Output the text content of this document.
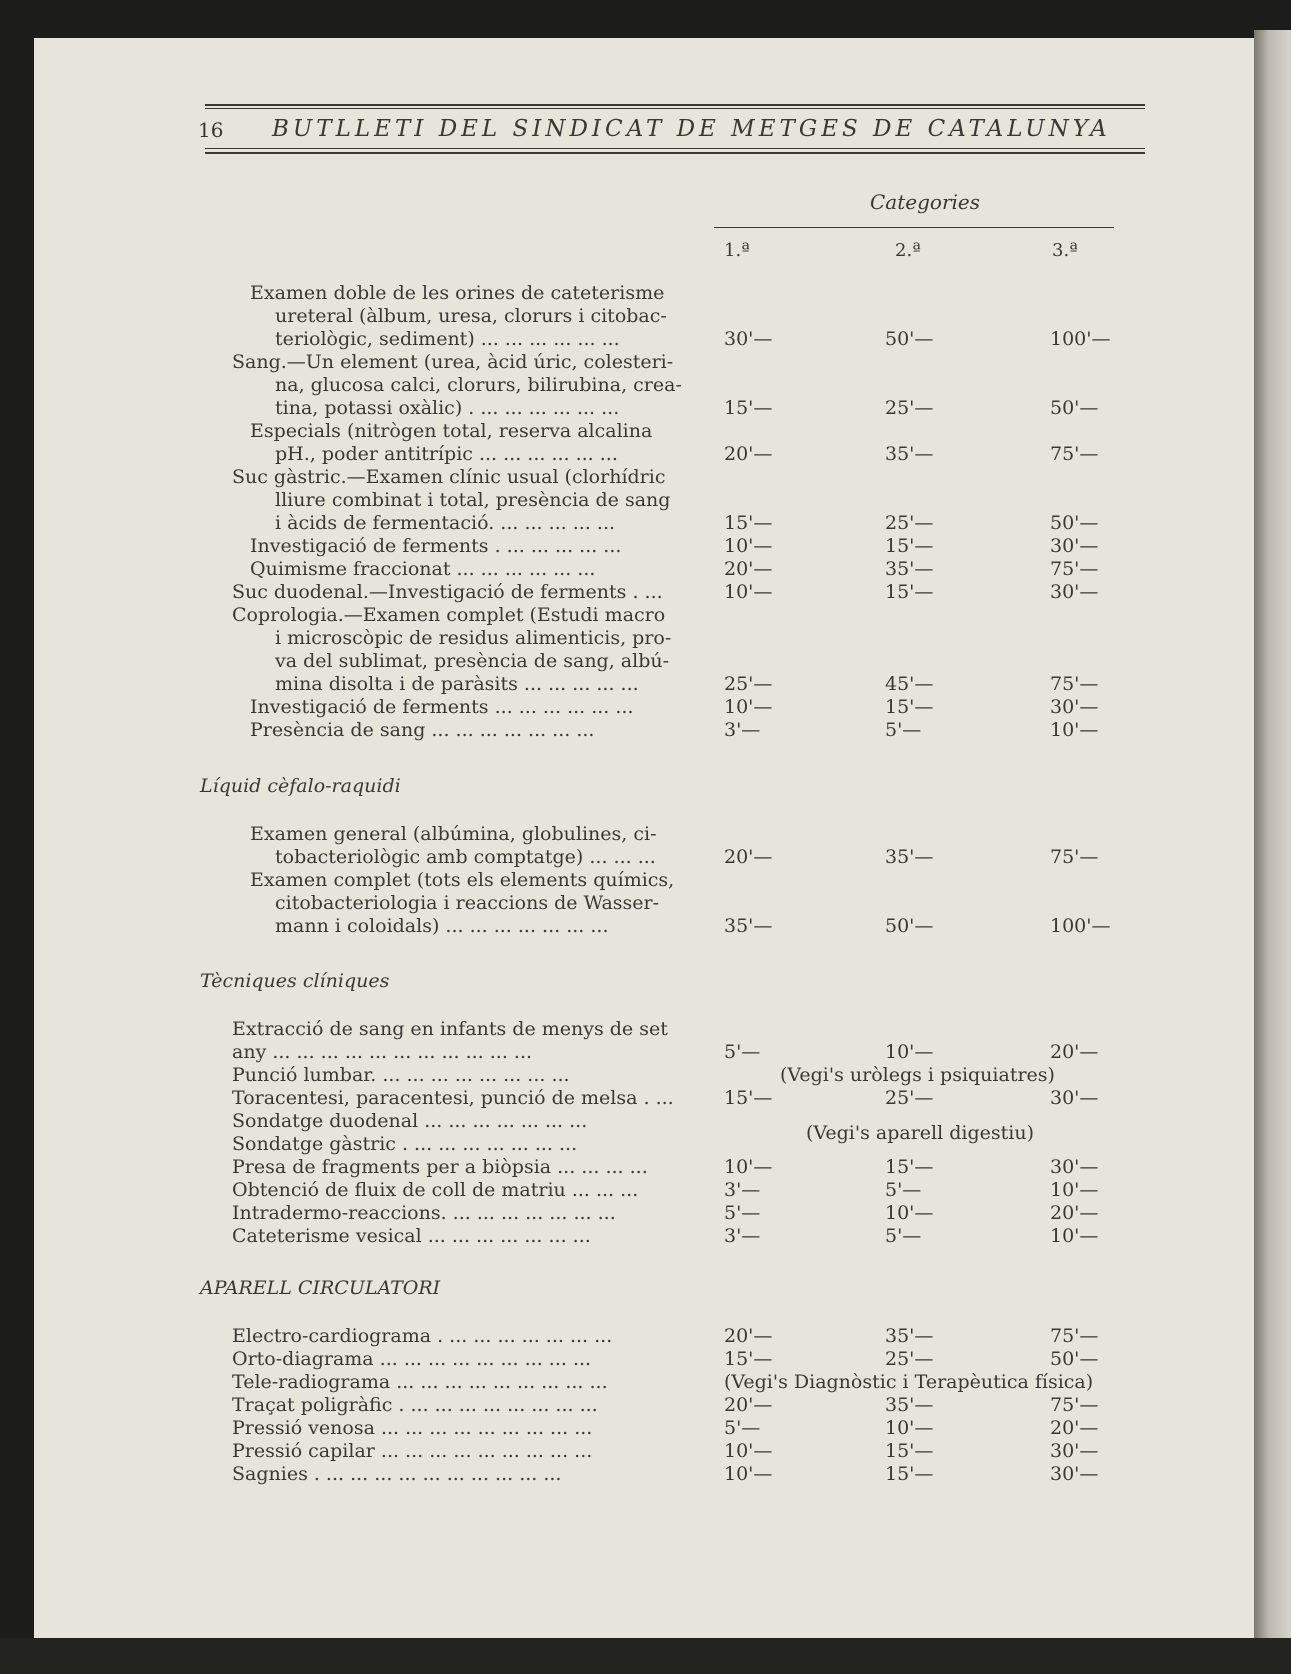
16 BUTLLETI DEL SINDICAT DE METGES DE CATALUNYA
Categories
1.ª	2.ª	3.ª
Examen doble de les orines de cateterisme
ureteral (àlbum, uresa, clorurs i citobac-
teriològic, sediment) ... ... ... ... ... ...	30'—	50'—	100'—
Sang.—Un element (urea, àcid úric, colesteri-
na, glucosa calci, clorurs, bilirubina, crea-
tina, potassi oxàlic) . ... ... ... ... ... ...	15'—	25'—	50'—
Especials (nitrògen total, reserva alcalina
pH., poder antitrípic ... ... ... ... ... ...	20'—	35'—	75'—
Suc gàstric.—Examen clínic usual (clorhídric
lliure combinat i total, presència de sang
i àcids de fermentació. ... ... ... ... ...	15'—	25'—	50'—
Investigació de ferments . ... ... ... ... ...	10'—	15'—	30'—
Quimisme fraccionat ... ... ... ... ... ...	20'—	35'—	75'—
Suc duodenal.—Investigació de ferments . ...	10'—	15'—	30'—
Coprologia.—Examen complet (Estudi macro
i microscòpic de residus alimenticis, pro-
va del sublimat, presència de sang, albú-
mina disolta i de paràsits ... ... ... ... ...	25'—	45'—	75'—
Investigació de ferments ... ... ... ... ... ...	10'—	15'—	30'—
Presència de sang ... ... ... ... ... ... ...	3'—	5'—	10'—
Líquid cèfalo-raquidi
Examen general (albúmina, globulines, ci-
tobacteriològic amb comptatge) ... ... ...	20'—	35'—	75'—
Examen complet (tots els elements químics,
citobacteriologia i reaccions de Wasser-
mann i coloidals) ... ... ... ... ... ... ...	35'—	50'—	100'—
Tècniques clíniques
Extracció de sang en infants de menys de set
any ... ... ... ... ... ... ... ... ... ... ...	5'—	10'—	20'—
Punció lumbar. ... ... ... ... ... ... ... ...	(Vegi's uròlegs i psiquiatres)
Toracentesi, paracentesi, punció de melsa . ...	15'—	25'—	30'—
Sondatge duodenal ... ... ... ... ... ... ...
(Vegi's aparell digestiu)
Sondatge gàstric . ... ... ... ... ... ... ...
Presa de fragments per a biòpsia ... ... ... ...	10'—	15'—	30'—
Obtenció de fluix de coll de matriu ... ... ...	3'—	5'—	10'—
Intradermo-reaccions. ... ... ... ... ... ... ...	5'—	10'—	20'—
Cateterisme vesical ... ... ... ... ... ... ...	3'—	5'—	10'—
APARELL CIRCULATORI
Electro-cardiograma . ... ... ... ... ... ... ...	20'—	35'—	75'—
Orto-diagrama ... ... ... ... ... ... ... ... ...	15'—	25'—	50'—
Tele-radiograma ... ... ... ... ... ... ... ... ...	(Vegi's Diagnòstic i Terapèutica física)
Traçat poligràfic . ... ... ... ... ... ... ... ...	20'—	35'—	75'—
Pressió venosa ... ... ... ... ... ... ... ... ...	5'—	10'—	20'—
Pressió capilar ... ... ... ... ... ... ... ... ...	10'—	15'—	30'—
Sagnies . ... ... ... ... ... ... ... ... ... ...	10'—	15'—	30'—
